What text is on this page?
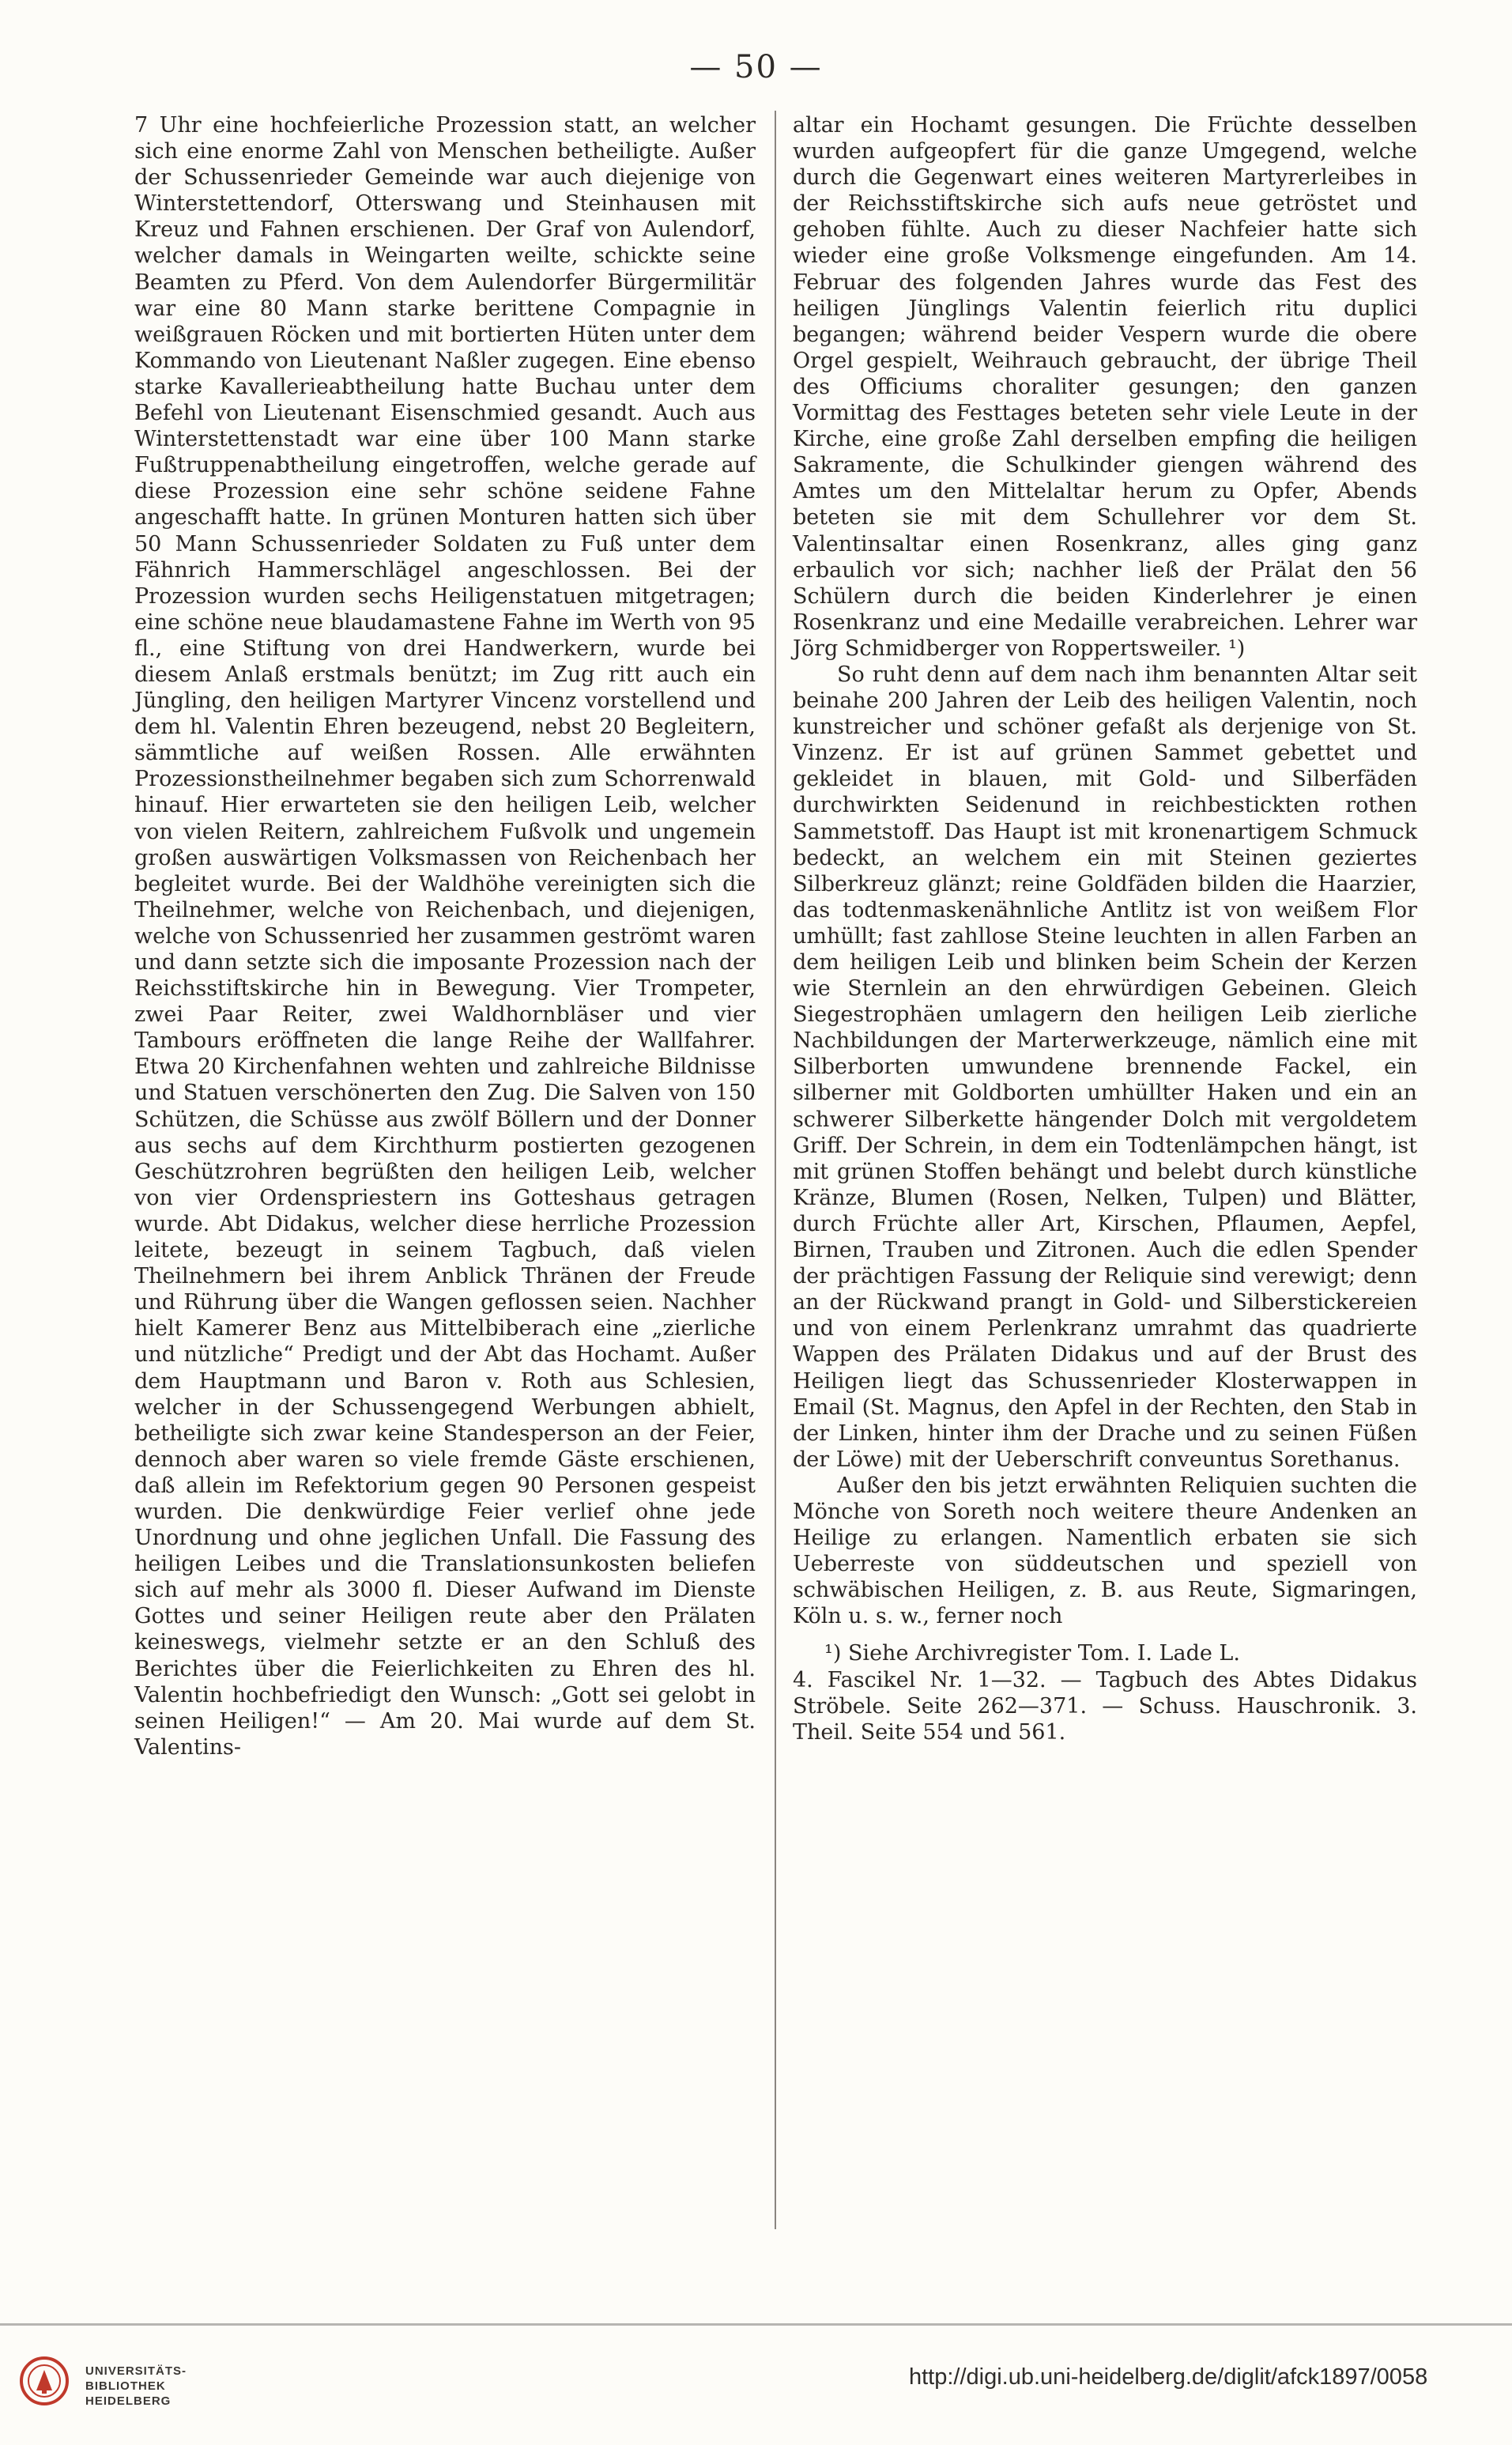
— 50 —

7 Uhr eine hochfeierliche Prozession statt, an welcher sich eine enorme Zahl von Menschen betheiligte. Außer der Schussenrieder Gemeinde war auch diejenige von Winterstettendorf, Otterswang und Steinhausen mit Kreuz und Fahnen erschienen. Der Graf von Aulendorf, welcher damals in Weingarten weilte, schickte seine Beamten zu Pferd. Von dem Aulendorfer Bürgermilitär war eine 80 Mann starke berittene Compagnie in weißgrauen Röcken und mit bortierten Hüten unter dem Kommando von Lieutenant Naßler zugegen. Eine ebenso starke Kavallerieabtheilung hatte Buchau unter dem Befehl von Lieutenant Eisenschmied gesandt. Auch aus Winterstettenstadt war eine über 100 Mann starke Fußtruppenabtheilung eingetroffen, welche gerade auf diese Prozession eine sehr schöne seidene Fahne angeschafft hatte. In grünen Monturen hatten sich über 50 Mann Schussenrieder Soldaten zu Fuß unter dem Fähnrich Hammerschlägel angeschlossen. Bei der Prozession wurden sechs Heiligenstatuen mitgetragen; eine schöne neue blaudamastene Fahne im Werth von 95 fl., eine Stiftung von drei Handwerkern, wurde bei diesem Anlaß erstmals benützt; im Zug ritt auch ein Jüngling, den heiligen Martyrer Vincenz vorstellend und dem hl. Valentin Ehren bezeugend, nebst 20 Begleitern, sämmtliche auf weißen Rossen. Alle erwähnten Prozessionstheilnehmer begaben sich zum Schorrenwald hinauf. Hier erwarteten sie den heiligen Leib, welcher von vielen Reitern, zahlreichem Fußvolk und ungemein großen auswärtigen Volksmassen von Reichenbach her begleitet wurde. Bei der Waldhöhe vereinigten sich die Theilnehmer, welche von Reichenbach, und diejenigen, welche von Schussenried her zusammen geströmt waren und dann setzte sich die imposante Prozession nach der Reichsstiftskirche hin in Bewegung. Vier Trompeter, zwei Paar Reiter, zwei Waldhornbläser und vier Tambours eröffneten die lange Reihe der Wallfahrer. Etwa 20 Kirchenfahnen wehten und zahlreiche Bildnisse und Statuen verschönerten den Zug. Die Salven von 150 Schützen, die Schüsse aus zwölf Böllern und der Donner aus sechs auf dem Kirchthurm postierten gezogenen Geschützrohren begrüßten den heiligen Leib, welcher von vier Ordenspriestern ins Gotteshaus getragen wurde. Abt Didakus, welcher diese herrliche Prozession leitete, bezeugt in seinem Tagbuch, daß vielen Theilnehmern bei ihrem Anblick Thränen der Freude und Rührung über die Wangen geflossen seien. Nachher hielt Kamerer Benz aus Mittelbiberach eine „zierliche und nützliche“ Predigt und der Abt das Hochamt. Außer dem Hauptmann und Baron v. Roth aus Schlesien, welcher in der Schussengegend Werbungen abhielt, betheiligte sich zwar keine Standesperson an der Feier, dennoch aber waren so viele fremde Gäste erschienen, daß allein im Refektorium gegen 90 Personen gespeist wurden. Die denkwürdige Feier verlief ohne jede Unordnung und ohne jeglichen Unfall. Die Fassung des heiligen Leibes und die Translationsunkosten beliefen sich auf mehr als 3000 fl. Dieser Aufwand im Dienste Gottes und seiner Heiligen reute aber den Prälaten keineswegs, vielmehr setzte er an den Schluß des Berichtes über die Feierlichkeiten zu Ehren des hl. Valentin hochbefriedigt den Wunsch: „Gott sei gelobt in seinen Heiligen!“ — Am 20. Mai wurde auf dem St. Valentins-

altar ein Hochamt gesungen. Die Früchte desselben wurden aufgeopfert für die ganze Umgegend, welche durch die Gegenwart eines weiteren Martyrerleibes in der Reichsstiftskirche sich aufs neue getröstet und gehoben fühlte. Auch zu dieser Nachfeier hatte sich wieder eine große Volksmenge eingefunden. Am 14. Februar des folgenden Jahres wurde das Fest des heiligen Jünglings Valentin feierlich ritu duplici begangen; während beider Vespern wurde die obere Orgel gespielt, Weihrauch gebraucht, der übrige Theil des Officiums choraliter gesungen; den ganzen Vormittag des Festtages beteten sehr viele Leute in der Kirche, eine große Zahl derselben empfing die heiligen Sakramente, die Schulkinder giengen während des Amtes um den Mittelaltar herum zu Opfer, Abends beteten sie mit dem Schullehrer vor dem St. Valentinsaltar einen Rosenkranz, alles ging ganz erbaulich vor sich; nachher ließ der Prälat den 56 Schülern durch die beiden Kinderlehrer je einen Rosenkranz und eine Medaille verabreichen. Lehrer war Jörg Schmidberger von Roppertsweiler. ¹)

So ruht denn auf dem nach ihm benannten Altar seit beinahe 200 Jahren der Leib des heiligen Valentin, noch kunstreicher und schöner gefaßt als derjenige von St. Vinzenz. Er ist auf grünen Sammet gebettet und gekleidet in blauen, mit Gold- und Silberfäden durchwirkten Seidenund in reichbestickten rothen Sammetstoff. Das Haupt ist mit kronenartigem Schmuck bedeckt, an welchem ein mit Steinen geziertes Silberkreuz glänzt; reine Goldfäden bilden die Haarzier, das todtenmaskenähnliche Antlitz ist von weißem Flor umhüllt; fast zahllose Steine leuchten in allen Farben an dem heiligen Leib und blinken beim Schein der Kerzen wie Sternlein an den ehrwürdigen Gebeinen. Gleich Siegestrophäen umlagern den heiligen Leib zierliche Nachbildungen der Marterwerkzeuge, nämlich eine mit Silberborten umwundene brennende Fackel, ein silberner mit Goldborten umhüllter Haken und ein an schwerer Silberkette hängender Dolch mit vergoldetem Griff. Der Schrein, in dem ein Todtenlämpchen hängt, ist mit grünen Stoffen behängt und belebt durch künstliche Kränze, Blumen (Rosen, Nelken, Tulpen) und Blätter, durch Früchte aller Art, Kirschen, Pflaumen, Aepfel, Birnen, Trauben und Zitronen. Auch die edlen Spender der prächtigen Fassung der Reliquie sind verewigt; denn an der Rückwand prangt in Gold- und Silberstickereien und von einem Perlenkranz umrahmt das quadrierte Wappen des Prälaten Didakus und auf der Brust des Heiligen liegt das Schussenrieder Klosterwappen in Email (St. Magnus, den Apfel in der Rechten, den Stab in der Linken, hinter ihm der Drache und zu seinen Füßen der Löwe) mit der Ueberschrift conveuntus Sorethanus.

Außer den bis jetzt erwähnten Reliquien suchten die Mönche von Soreth noch weitere theure Andenken an Heilige zu erlangen. Namentlich erbaten sie sich Ueberreste von süddeutschen und speziell von schwäbischen Heiligen, z. B. aus Reute, Sigmaringen, Köln u. s. w., ferner noch

¹) Siehe Archivregister Tom. I. Lade L.
4. Fascikel Nr. 1—32. — Tagbuch des Abtes Didakus Ströbele. Seite 262—371. — Schuss. Hauschronik. 3. Theil. Seite 554 und 561.
UNIVERSITÄTS-
BIBLIOTHEK
HEIDELBERG
http://digi.ub.uni-heidelberg.de/diglit/afck1897/0058
